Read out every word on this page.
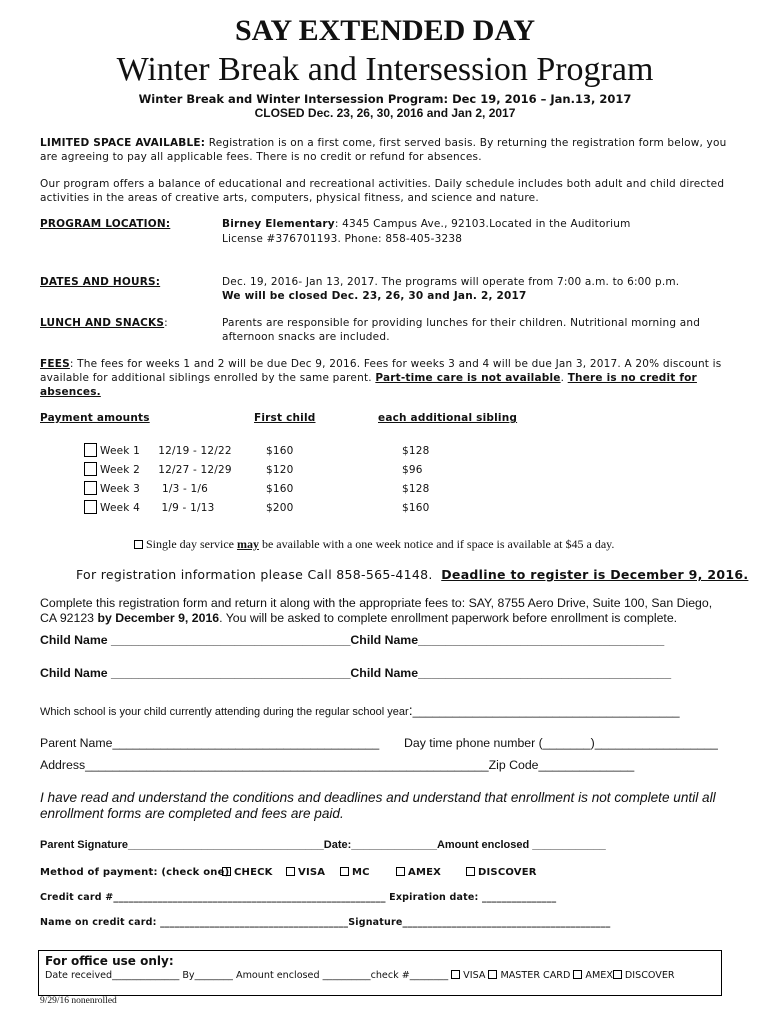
SAY EXTENDED DAY
Winter Break and Intersession Program
Winter Break and Winter Intersession Program: Dec 19, 2016 – Jan.13, 2017
CLOSED Dec. 23, 26, 30, 2016 and Jan 2, 2017
LIMITED SPACE AVAILABLE: Registration is on a first come, first served basis. By returning the registration form below, you
are agreeing to pay all applicable fees. There is no credit or refund for absences.
Our program offers a balance of educational and recreational activities. Daily schedule includes both adult and child directed
activities in the areas of creative arts, computers, physical fitness, and science and nature.
PROGRAM LOCATION:	Birney Elementary: 4345 Campus Ave., 92103.Located in the Auditorium
License #376701193. Phone: 858-405-3238
DATES AND HOURS:	Dec. 19, 2016- Jan 13, 2017. The programs will operate from 7:00 a.m. to 6:00 p.m.
We will be closed Dec. 23, 26, 30 and Jan. 2, 2017
LUNCH AND SNACKS:	Parents are responsible for providing lunches for their children. Nutritional morning and
afternoon snacks are included.
FEES: The fees for weeks 1 and 2 will be due Dec 9, 2016. Fees for weeks 3 and 4 will be due Jan 3, 2017. A 20% discount is
available for additional siblings enrolled by the same parent. Part-time care is not available. There is no credit for
absences.
Payment amounts	First child	each additional sibling
Week 1	12/19 - 12/22	$160	$128
Week 2	12/27 - 12/29	$120	$96
Week 3	1/3 - 1/6	$160	$128
Week 4	1/9 - 1/13	$200	$160
Single day service may be available with a one week notice and if space is available at $45 a day.
For registration information please Call 858-565-4148. Deadline to register is December 9, 2016.
Complete this registration form and return it along with the appropriate fees to: SAY, 8755 Aero Drive, Suite 100, San Diego,
CA 92123 by December 9, 2016. You will be asked to complete enrollment paperwork before enrollment is complete.
Child Name ___________________________________Child Name____________________________________
Child Name ___________________________________Child Name_____________________________________
Which school is your child currently attending during the regular school year:________________________________________
Parent Name_______________________________________ Day time phone number (_______)__________________
Address___________________________________________________________Zip Code______________
I have read and understand the conditions and deadlines and understand that enrollment is not complete until all
enrollment forms are completed and fees are paid.
Parent Signature________________________________Date:______________Amount enclosed ____________
Method of payment: (check one) CHECK	VISA	MC	AMEX	DISCOVER
Credit card #_______________________________________________________ Expiration date: _______________
Name on credit card: ______________________________________Signature__________________________________________
For office use only:
Date received______________ By________ Amount enclosed __________check #________ VISA MASTER CARD AMEX DISCOVER
9/29/16 nonenrolled
